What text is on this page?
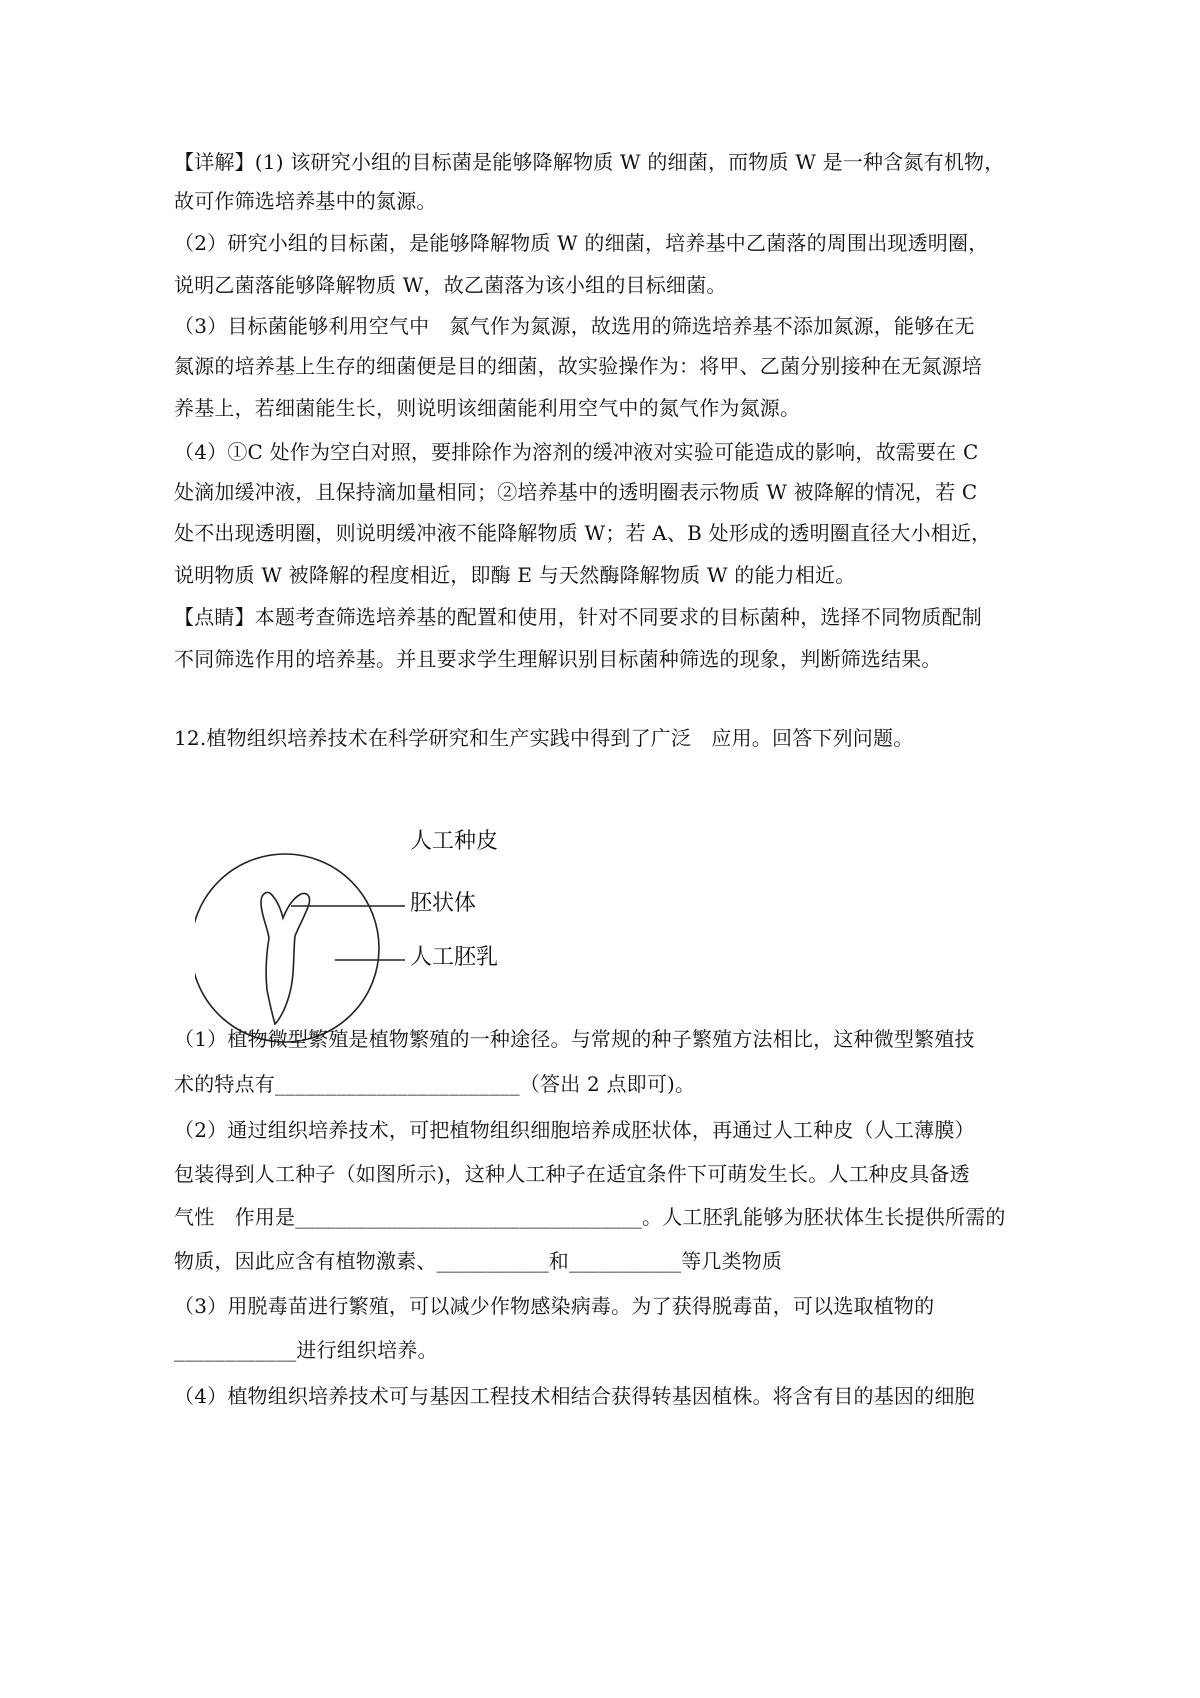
【详解】(1) 该研究小组的目标菌是能够降解物质 W 的细菌，而物质 W 是一种含氮有机物，
故可作筛选培养基中的氮源。
（2）研究小组的目标菌，是能够降解物质 W 的细菌，培养基中乙菌落的周围出现透明圈，
说明乙菌落能够降解物质 W，故乙菌落为该小组的目标细菌。
（3）目标菌能够利用空气中　氮气作为氮源，故选用的筛选培养基不添加氮源，能够在无
氮源的培养基上生存的细菌便是目的细菌，故实验操作为：将甲、乙菌分别接种在无氮源培
养基上，若细菌能生长，则说明该细菌能利用空气中的氮气作为氮源。
（4）①C 处作为空白对照，要排除作为溶剂的缓冲液对实验可能造成的影响，故需要在 C
处滴加缓冲液，且保持滴加量相同；②培养基中的透明圈表示物质 W 被降解的情况，若 C
处不出现透明圈，则说明缓冲液不能降解物质 W；若 A、B 处形成的透明圈直径大小相近，
说明物质 W 被降解的程度相近，即酶 E 与天然酶降解物质 W 的能力相近。
【点睛】本题考查筛选培养基的配置和使用，针对不同要求的目标菌种，选择不同物质配制
不同筛选作用的培养基。并且要求学生理解识别目标菌种筛选的现象，判断筛选结果。
12.植物组织培养技术在科学研究和生产实践中得到了广泛　应用。回答下列问题。
人工种皮
胚状体
人工胚乳
（1）植物微型繁殖是植物繁殖的一种途径。与常规的种子繁殖方法相比，这种微型繁殖技
术的特点有________________________（答出 2 点即可)。
（2）通过组织培养技术，可把植物组织细胞培养成胚状体，再通过人工种皮（人工薄膜）
包装得到人工种子（如图所示)，这种人工种子在适宜条件下可萌发生长。人工种皮具备透
气性　作用是__________________________________。人工胚乳能够为胚状体生长提供所需的
物质，因此应含有植物激素、___________和___________等几类物质
（3）用脱毒苗进行繁殖，可以减少作物感染病毒。为了获得脱毒苗，可以选取植物的
____________进行组织培养。
（4）植物组织培养技术可与基因工程技术相结合获得转基因植株。将含有目的基因的细胞
